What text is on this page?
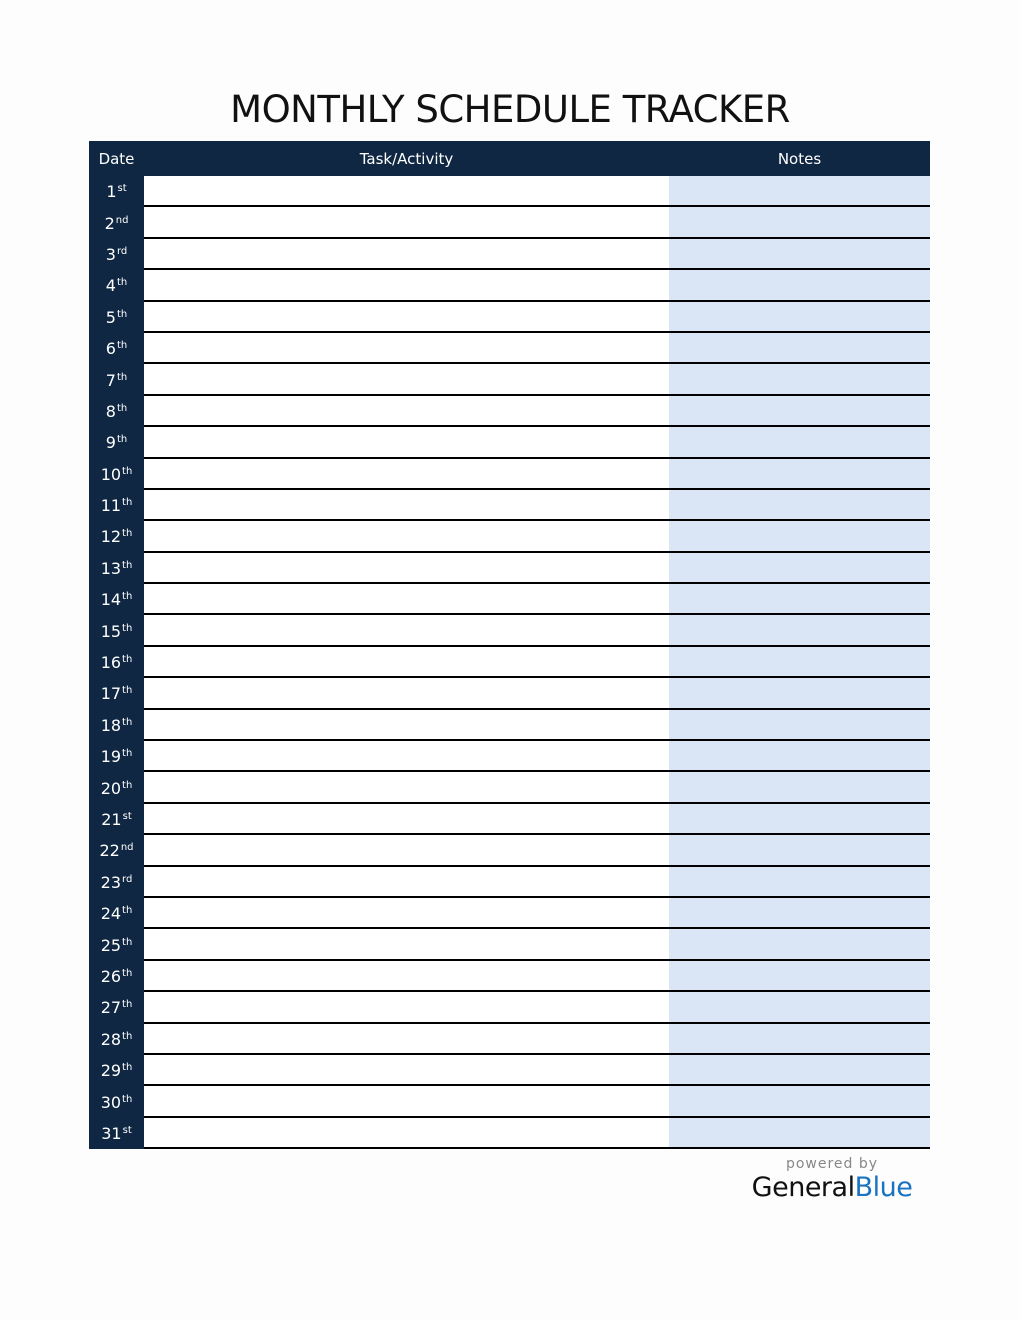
MONTHLY SCHEDULE TRACKER
Date	Task/Activity	Notes
1st
2nd
3rd
4th
5th
6th
7th
8th
9th
10th
11th
12th
13th
14th
15th
16th
17th
18th
19th
20th
21st
22nd
23rd
24th
25th
26th
27th
28th
29th
30th
31st
powered by
GeneralBlue
